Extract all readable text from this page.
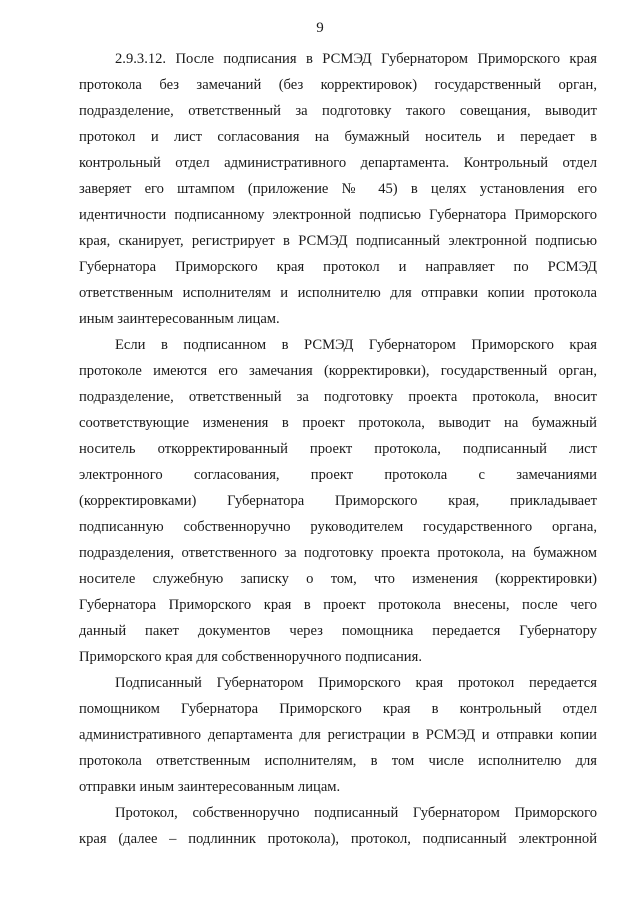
9
2.9.3.12. После подписания в РСМЭД Губернатором Приморского края
протокола без замечаний (без корректировок) государственный орган,
подразделение, ответственный за подготовку такого совещания, выводит
протокол и лист согласования на бумажный носитель и передает в
контрольный отдел административного департамента. Контрольный отдел
заверяет его штампом (приложение № 45) в целях установления его
идентичности подписанному электронной подписью Губернатора Приморского
края, сканирует, регистрирует в РСМЭД подписанный электронной подписью
Губернатора Приморского края протокол и направляет по РСМЭД
ответственным исполнителям и исполнителю для отправки копии протокола
иным заинтересованным лицам.
Если в подписанном в РСМЭД Губернатором Приморского края
протоколе имеются его замечания (корректировки), государственный орган,
подразделение, ответственный за подготовку проекта протокола, вносит
соответствующие изменения в проект протокола, выводит на бумажный
носитель откорректированный проект протокола, подписанный лист
электронного согласования, проект протокола с замечаниями
(корректировками) Губернатора Приморского края, прикладывает
подписанную собственноручно руководителем государственного органа,
подразделения, ответственного за подготовку проекта протокола, на бумажном
носителе служебную записку о том, что изменения (корректировки)
Губернатора Приморского края в проект протокола внесены, после чего
данный пакет документов через помощника передается Губернатору
Приморского края для собственноручного подписания.
Подписанный Губернатором Приморского края протокол передается
помощником Губернатора Приморского края в контрольный отдел
административного департамента для регистрации в РСМЭД и отправки копии
протокола ответственным исполнителям, в том числе исполнителю для
отправки иным заинтересованным лицам.
Протокол, собственноручно подписанный Губернатором Приморского
края (далее – подлинник протокола), протокол, подписанный электронной
